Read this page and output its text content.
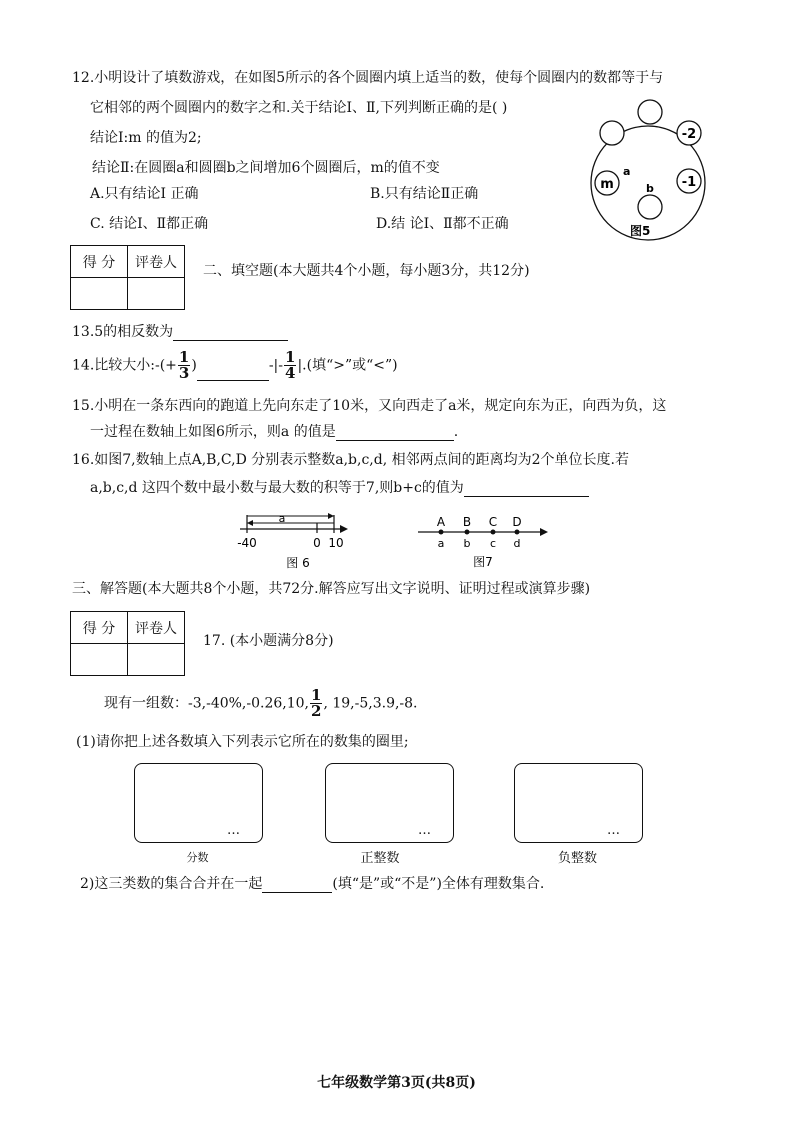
12.小明设计了填数游戏，在如图5所示的各个圆圈内填上适当的数，使每个圆圈内的数都等于与
它相邻的两个圆圈内的数字之和.关于结论Ⅰ、Ⅱ,下列判断正确的是( )
结论Ⅰ:m 的值为2;
结论Ⅱ:在圆圈a和圆圈b之间增加6个圆圈后，m的值不变
A.只有结论Ⅰ 正确	B.只有结论Ⅱ正确
C. 结论Ⅰ、Ⅱ都正确	D.结 论Ⅰ、Ⅱ都不正确
-2
-1
m
a
b
图5
得 分	评卷人

二、填空题(本大题共4个小题，每小题3分，共12分)
13.5的相反数为
14.比较大小:-(+ $\frac{1}{3}$ )	-|- $\frac{1}{4}$ |.(填“>”或“<”)
15.小明在一条东西向的跑道上先向东走了10米，又向西走了a米，规定向东为正，向西为负，这
一过程在数轴上如图6所示，则a 的值是	.
16.如图7,数轴上点A,B,C,D 分别表示整数a,b,c,d, 相邻两点间的距离均为2个单位长度.若
a,b,c,d 这四个数中最小数与最大数的积等于7,则b+c的值为
a
-40	0 10
图 6
A B C D
a b c d
图7
三、解答题(本大题共8个小题，共72分.解答应写出文字说明、证明过程或演算步骤)
得 分	评卷人

17. (本小题满分8分)
现有一组数：-3,-40%,-0.26,10, $\frac{1}{2}$ , 19,-5,3.9,-8.
(1)请你把上述各数填入下列表示它所在的数集的圈里;
…	…	…
分数	正整数	负整数
2)这三类数的集合合并在一起	(填“是”或“不是”)全体有理数集合.
七年级数学第3页(共8页)
